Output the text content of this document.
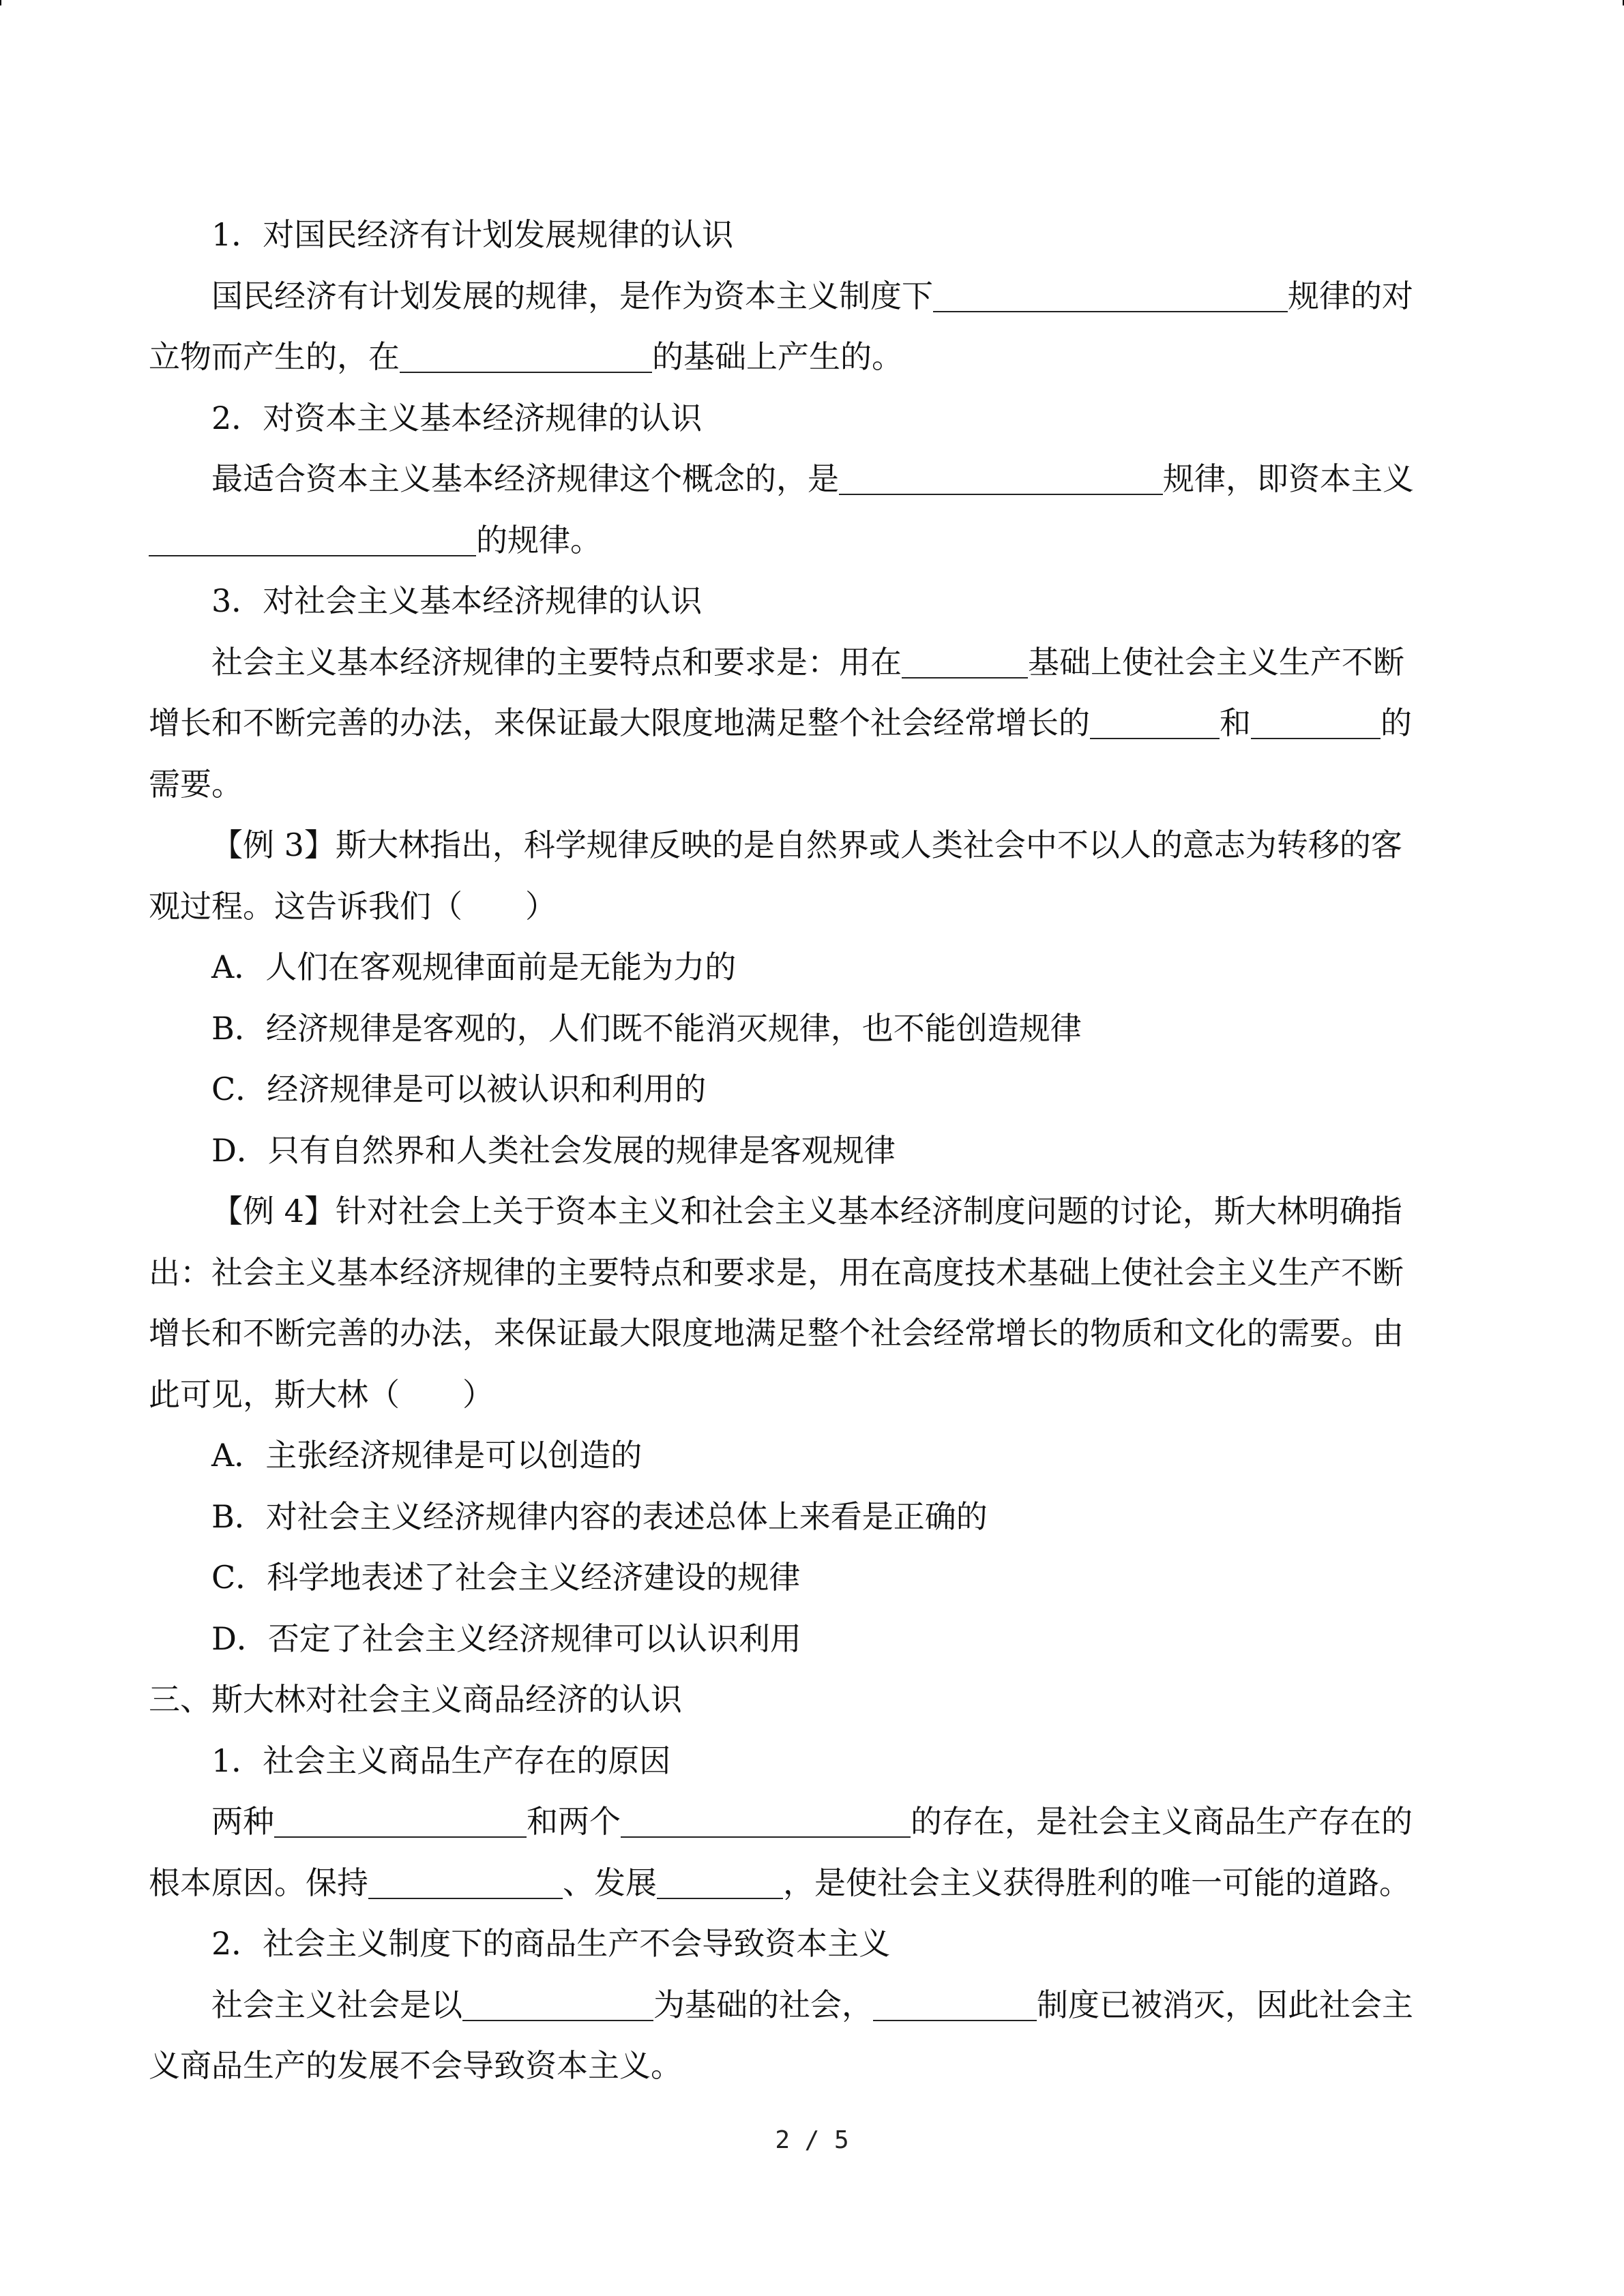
1．对国民经济有计划发展规律的认识
国民经济有计划发展的规律，是作为资本主义制度下	规律的对
立物而产生的，在	的基础上产生的。
2．对资本主义基本经济规律的认识
最适合资本主义基本经济规律这个概念的，是	规律，即资本主义
的规律。
3．对社会主义基本经济规律的认识
社会主义基本经济规律的主要特点和要求是：用在	基础上使社会主义生产不断
增长和不断完善的办法，来保证最大限度地满足整个社会经常增长的	和	的
需要。
【例 3】斯大林指出，科学规律反映的是自然界或人类社会中不以人的意志为转移的客
观过程。这告诉我们（　　）
A．人们在客观规律面前是无能为力的
B．经济规律是客观的，人们既不能消灭规律，也不能创造规律
C．经济规律是可以被认识和利用的
D．只有自然界和人类社会发展的规律是客观规律
【例 4】针对社会上关于资本主义和社会主义基本经济制度问题的讨论，斯大林明确指
出：社会主义基本经济规律的主要特点和要求是，用在高度技术基础上使社会主义生产不断
增长和不断完善的办法，来保证最大限度地满足整个社会经常增长的物质和文化的需要。由
此可见，斯大林（　　）
A．主张经济规律是可以创造的
B．对社会主义经济规律内容的表述总体上来看是正确的
C．科学地表述了社会主义经济建设的规律
D．否定了社会主义经济规律可以认识利用
三、斯大林对社会主义商品经济的认识
1．社会主义商品生产存在的原因
两种	和两个	的存在，是社会主义商品生产存在的
根本原因。保持	、发展	，是使社会主义获得胜利的唯一可能的道路。
2．社会主义制度下的商品生产不会导致资本主义
社会主义社会是以	为基础的社会，	制度已被消灭，因此社会主
义商品生产的发展不会导致资本主义。
2 / 5
